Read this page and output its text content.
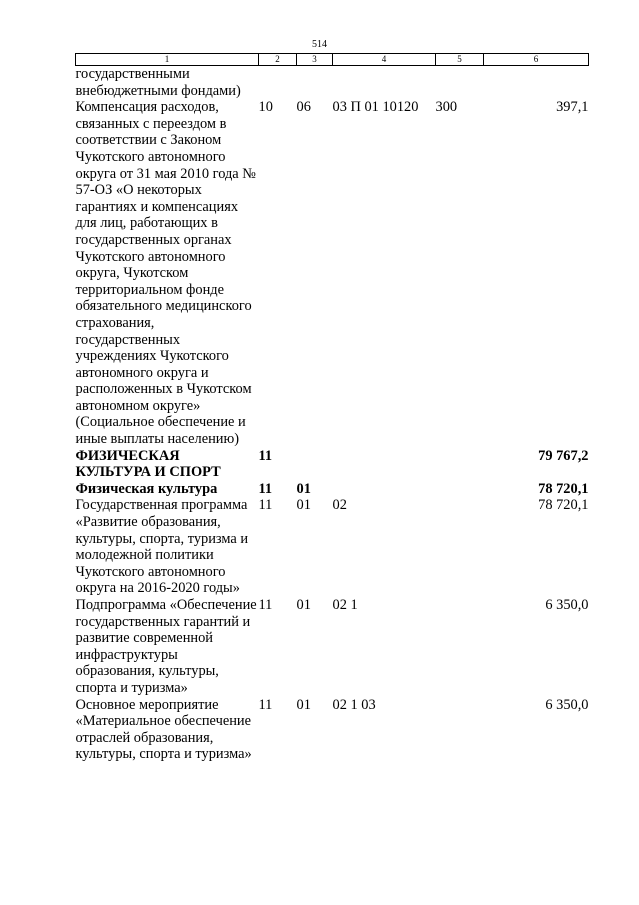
514
1	2	3	4	5	6
государственными внебюджетными фондами)					
Компенсация расходов, связанных с переездом в соответствии с Законом Чукотского автономного округа от 31 мая 2010 года № 57-ОЗ «О некоторых гарантиях и компенсациях для лиц, работающих в государственных органах Чукотского автономного округа, Чукотском территориальном фонде обязательного медицинского страхования, государственных учреждениях Чукотского автономного округа и расположенных в Чукотском автономном округе» (Социальное обеспечение и иные выплаты населению)	10	06	03 П 01 10120	300	397,1
ФИЗИЧЕСКАЯ КУЛЬТУРА И СПОРТ	11				79 767,2
Физическая культура	11	01			78 720,1
Государственная программа «Развитие образования, культуры, спорта, туризма и молодежной политики Чукотского автономного округа на 2016-2020 годы»	11	01	02		78 720,1
Подпрограмма «Обеспечение государственных гарантий и развитие современной инфраструктуры образования, культуры, спорта и туризма»	11	01	02 1		6 350,0
Основное мероприятие «Материальное обеспечение отраслей образования, культуры, спорта и туризма»	11	01	02 1 03		6 350,0
